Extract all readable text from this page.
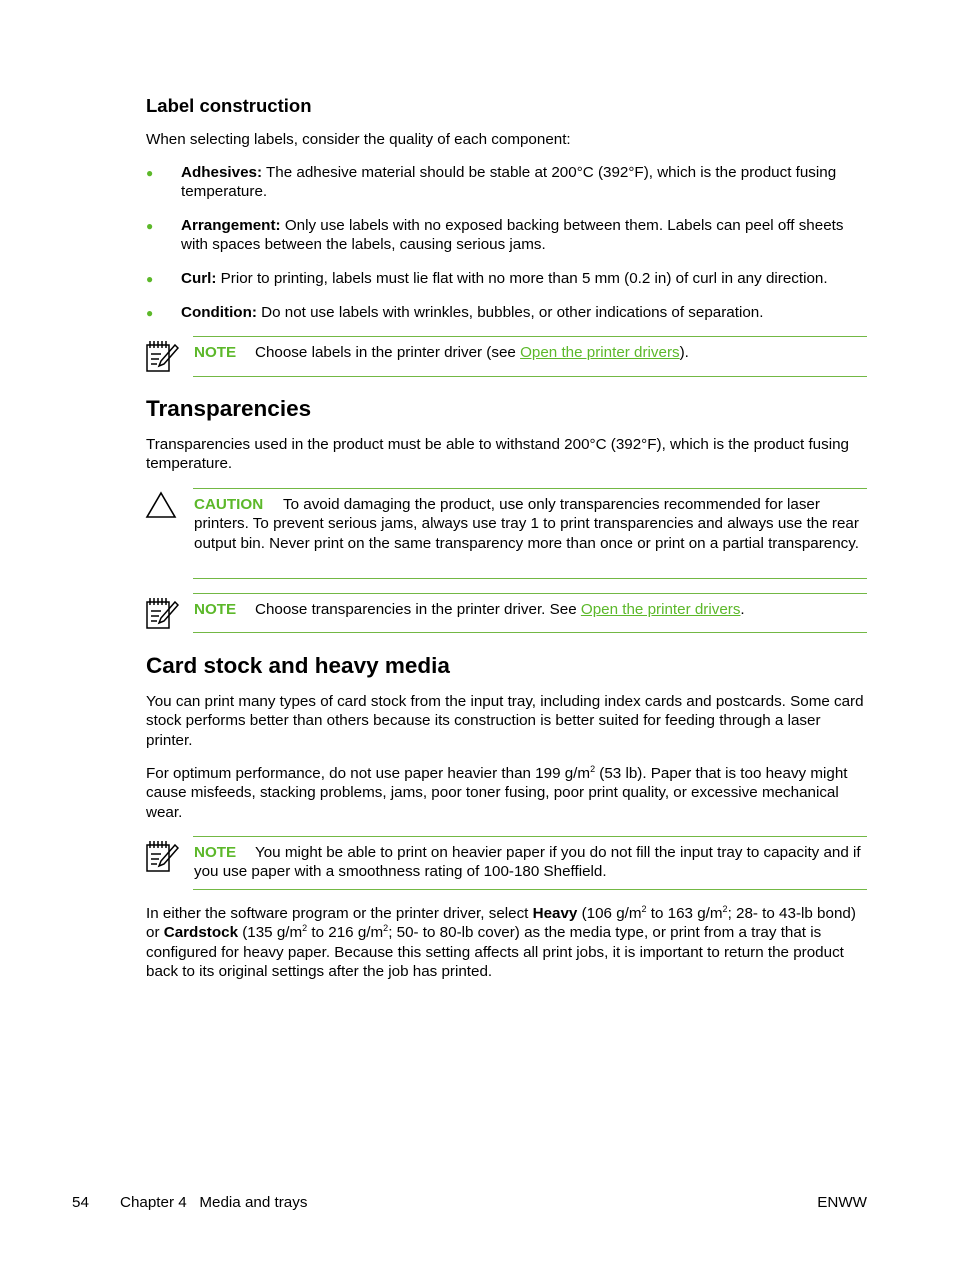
Label construction
When selecting labels, consider the quality of each component:
● Adhesives: The adhesive material should be stable at 200°C (392°F), which is the product fusing temperature.
● Arrangement: Only use labels with no exposed backing between them. Labels can peel off sheets with spaces between the labels, causing serious jams.
● Curl: Prior to printing, labels must lie flat with no more than 5 mm (0.2 in) of curl in any direction.
● Condition: Do not use labels with wrinkles, bubbles, or other indications of separation.
NOTE Choose labels in the printer driver (see Open the printer drivers).
Transparencies
Transparencies used in the product must be able to withstand 200°C (392°F), which is the product fusing temperature.
CAUTION To avoid damaging the product, use only transparencies recommended for laser printers. To prevent serious jams, always use tray 1 to print transparencies and always use the rear output bin. Never print on the same transparency more than once or print on a partial transparency.
NOTE Choose transparencies in the printer driver. See Open the printer drivers.
Card stock and heavy media
You can print many types of card stock from the input tray, including index cards and postcards. Some card stock performs better than others because its construction is better suited for feeding through a laser printer.
For optimum performance, do not use paper heavier than 199 $g/m^2$ (53 lb). Paper that is too heavy might cause misfeeds, stacking problems, jams, poor toner fusing, poor print quality, or excessive mechanical wear.
NOTE You might be able to print on heavier paper if you do not fill the input tray to capacity and if you use paper with a smoothness rating of 100-180 Sheffield.
In either the software program or the printer driver, select Heavy (106 $g/m^2$ to 163 $g/m^2$; 28- to 43-lb bond) or Cardstock (135 $g/m^2$ to 216 $g/m^2$; 50- to 80-lb cover) as the media type, or print from a tray that is configured for heavy paper. Because this setting affects all print jobs, it is important to return the product back to its original settings after the job has printed.
54 Chapter 4   Media and trays	ENWW
